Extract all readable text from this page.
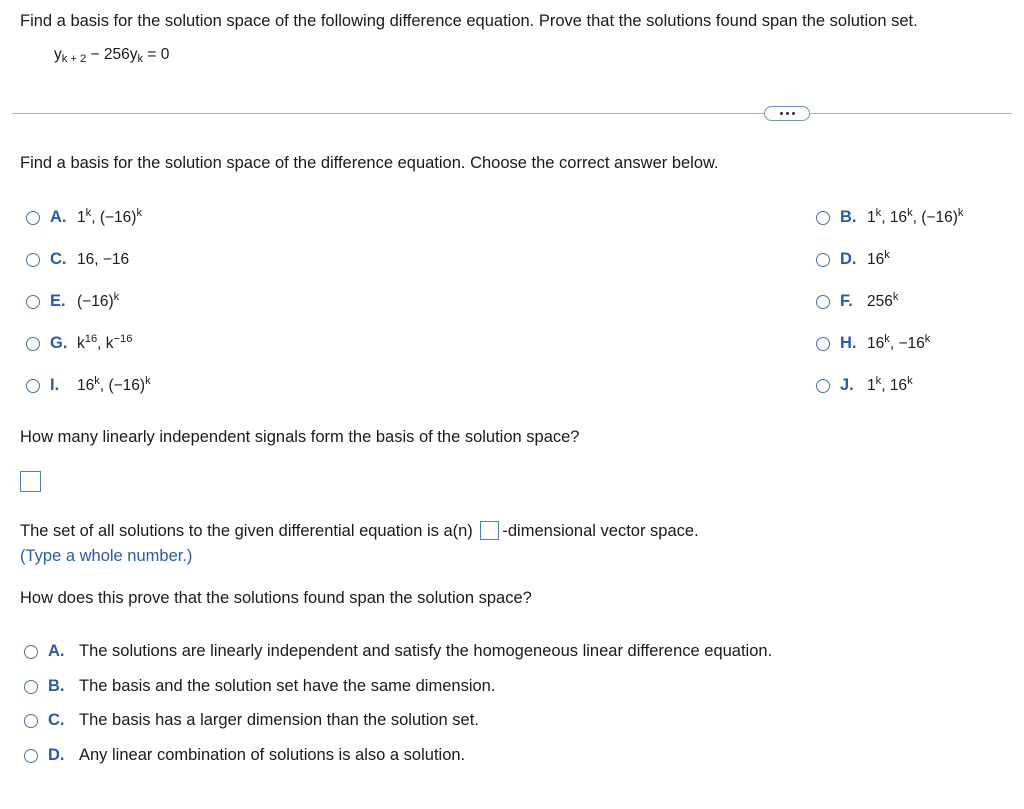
Find a basis for the solution space of the following difference equation. Prove that the solutions found span the solution set.
$y_{k + 2} - 256y_k = 0$
Find a basis for the solution space of the difference equation. Choose the correct answer below.
A. 1$^k$, $(-16)^k$	B. 1$^k$, 16$^k$, $(-16)^k$
C. 16, −16	D. 16$^k$
E. $(-16)^k$	F. 256$^k$
G. $k^{16}$, $k^{-16}$	H. $16^k$, $-16^k$
I.	16$^k$, $(-16)^k$	J. 1$^k$, 16$^k$
How many linearly independent signals form the basis of the solution space?
The set of all solutions to the given differential equation is a(n) -dimensional vector space.
(Type a whole number.)
How does this prove that the solutions found span the solution space?
A. The solutions are linearly independent and satisfy the homogeneous linear difference equation.
B. The basis and the solution set have the same dimension.
C. The basis has a larger dimension than the solution set.
D. Any linear combination of solutions is also a solution.
